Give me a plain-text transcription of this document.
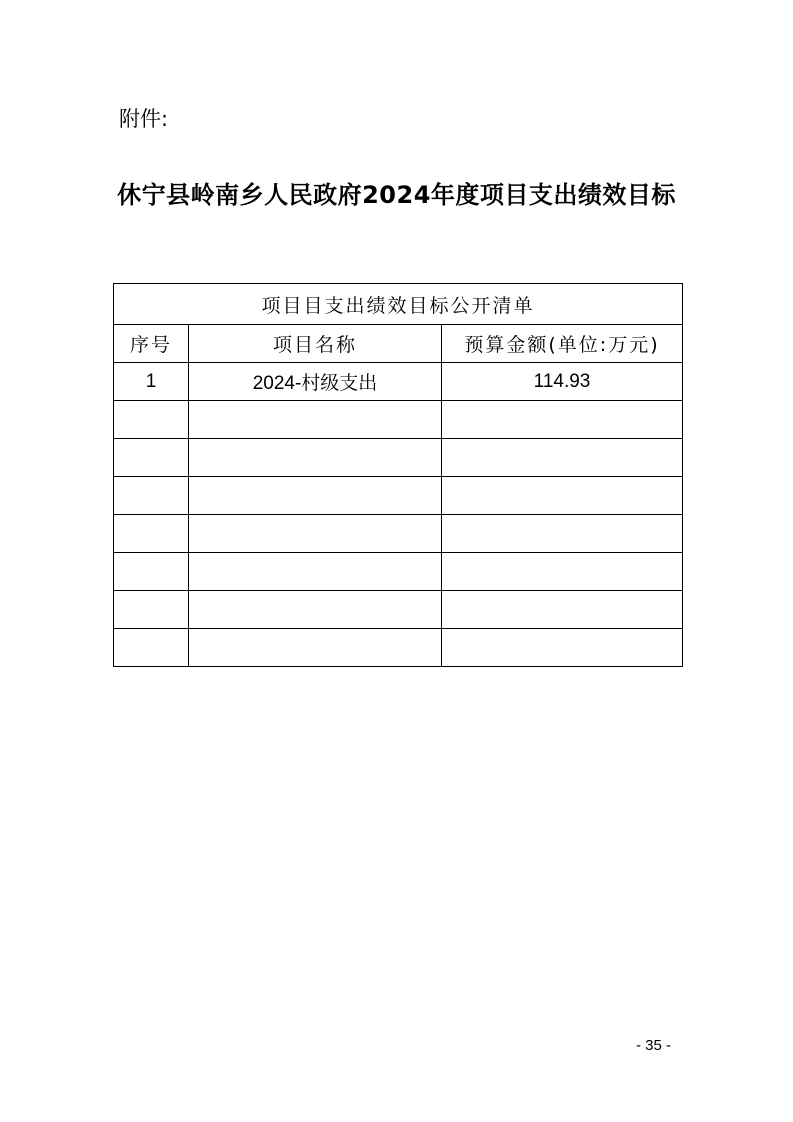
附件:
休宁县岭南乡人民政府2024年度项目支出绩效目标
项目目支出绩效目标公开清单		
序号	项目名称	预算金额(单位:万元)
1	2024-村级支出	114.93

- 35 -
